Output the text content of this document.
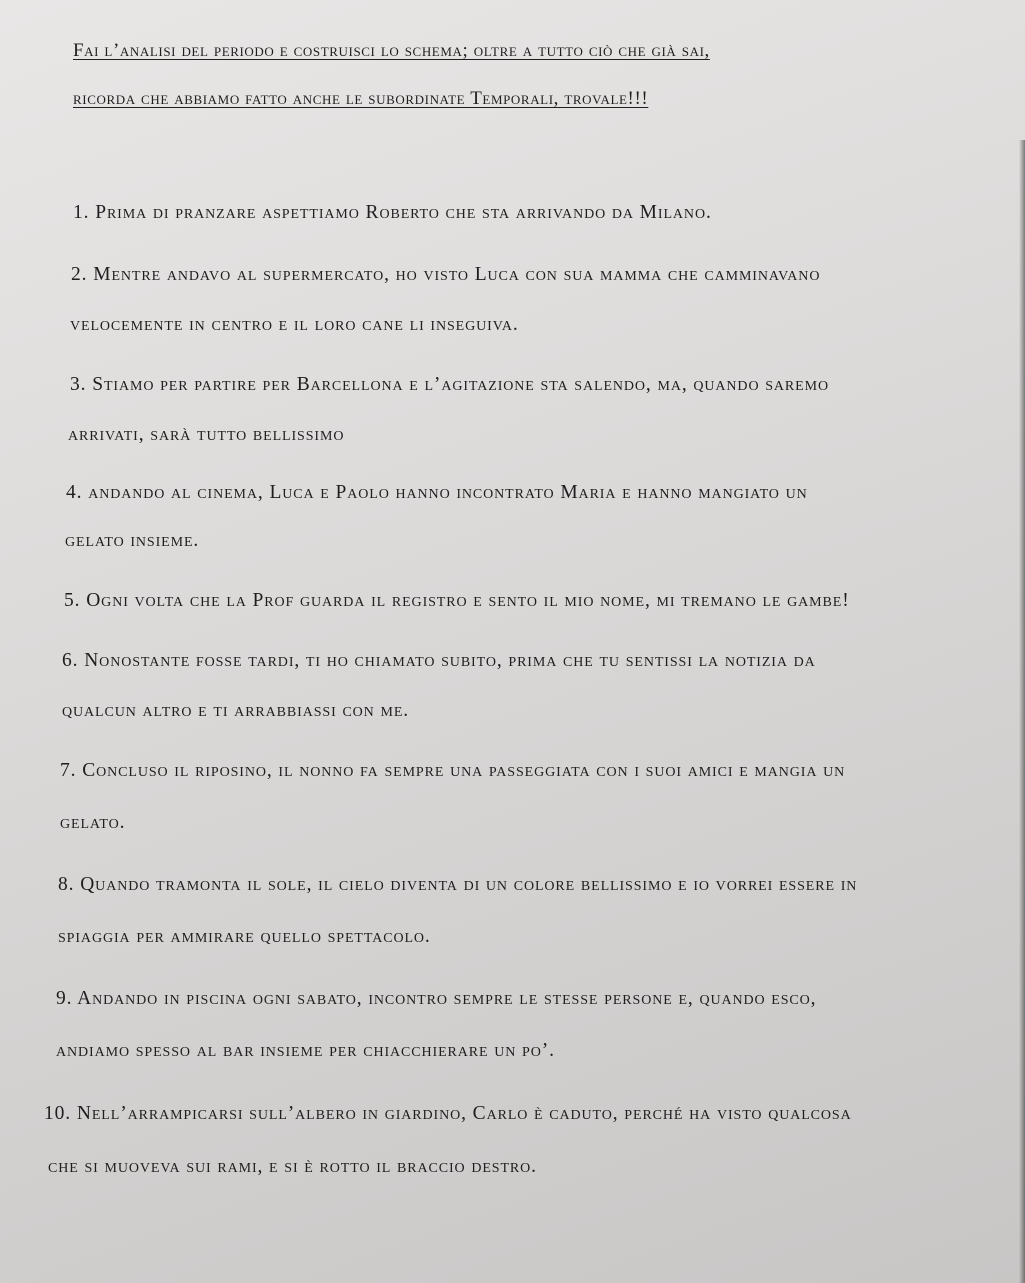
Fai l’analisi del periodo e costruisci lo schema; oltre a tutto ciò che già sai,
ricorda che abbiamo fatto anche le subordinate Temporali, trovale!!!
1. Prima di pranzare aspettiamo Roberto che sta arrivando da Milano.
2. Mentre andavo al supermercato, ho visto Luca con sua mamma che camminavano
velocemente in centro e il loro cane li inseguiva.
3. Stiamo per partire per Barcellona e l’agitazione sta salendo, ma, quando saremo
arrivati, sarà tutto bellissimo
4. andando al cinema, Luca e Paolo hanno incontrato Maria e hanno mangiato un
gelato insieme.
5. Ogni volta che la Prof guarda il registro e sento il mio nome, mi tremano le gambe!
6. Nonostante fosse tardi, ti ho chiamato subito, prima che tu sentissi la notizia da
qualcun altro e ti arrabbiassi con me.
7. Concluso il riposino, il nonno fa sempre una passeggiata con i suoi amici e mangia un
gelato.
8. Quando tramonta il sole, il cielo diventa di un colore bellissimo e io vorrei essere in
spiaggia per ammirare quello spettacolo.
9. Andando in piscina ogni sabato, incontro sempre le stesse persone e, quando esco,
andiamo spesso al bar insieme per chiacchierare un po’.
10. Nell’arrampicarsi sull’albero in giardino, Carlo è caduto, perché ha visto qualcosa
che si muoveva sui rami, e si è rotto il braccio destro.
